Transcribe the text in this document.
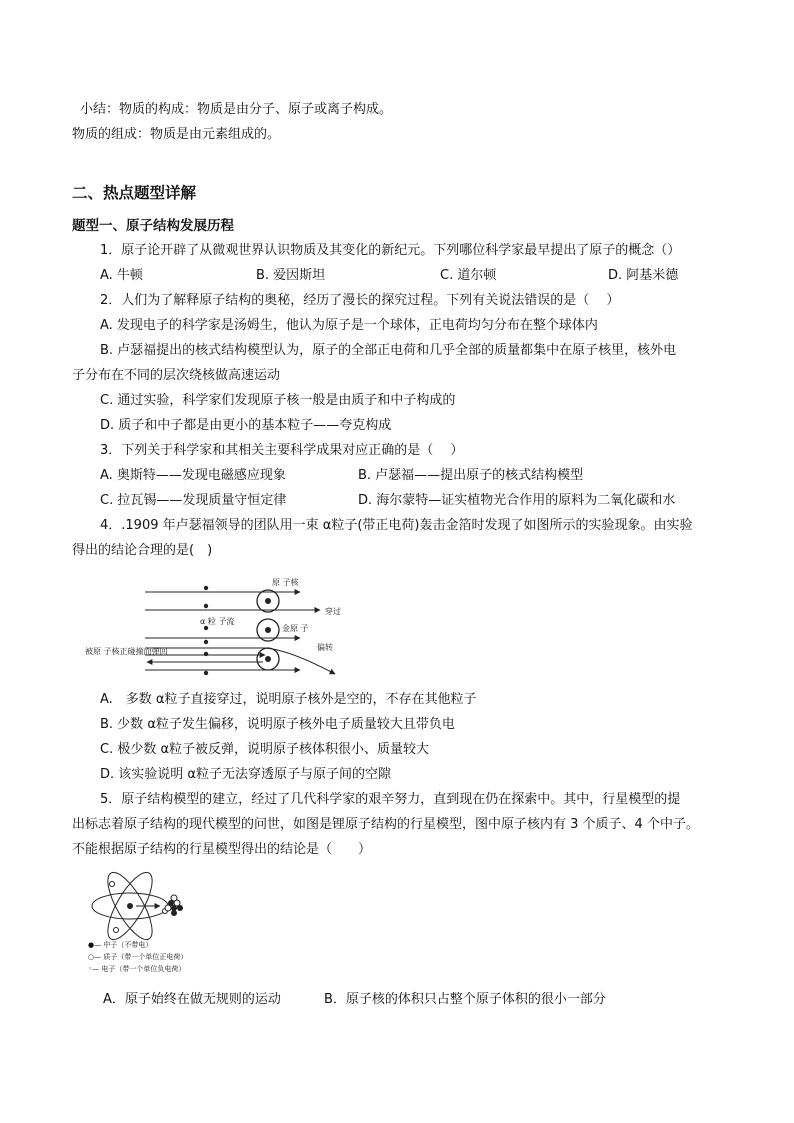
小结：物质的构成：物质是由分子、原子或离子构成。
物质的组成：物质是由元素组成的。
二、热点题型详解
题型一、原子结构发展历程
1．原子论开辟了从微观世界认识物质及其变化的新纪元。下列哪位科学家最早提出了原子的概念（）
A. 牛顿	B. 爱因斯坦	C. 道尔顿	D. 阿基米德
2．人们为了解释原子结构的奥秘，经历了漫长的探究过程。下列有关说法错误的是（　 ）
A. 发现电子的科学家是汤姆生，他认为原子是一个球体，正电荷均匀分布在整个球体内
B. 卢瑟福提出的核式结构模型认为，原子的全部正电荷和几乎全部的质量都集中在原子核里，核外电
子分布在不同的层次绕核做高速运动
C. 通过实验，科学家们发现原子核一般是由质子和中子构成的
D. 质子和中子都是由更小的基本粒子——夸克构成
3．下列关于科学家和其相关主要科学成果对应正确的是（　 ）
A. 奥斯特——发现电磁感应现象	B. 卢瑟福——提出原子的核式结构模型
C. 拉瓦锡——发现质量守恒定律	D. 海尔蒙特—证实植物光合作用的原料为二氧化碳和水
4．.1909 年卢瑟福领导的团队用一束 α粒子(带正电荷)轰击金箔时发现了如图所示的实验现象。由实验
得出的结论合理的是(　)
原 子核
穿过
α 粒 子流
金原 子
被原 子核正碰撞而弹回	偏转
A.　多数 α粒子直接穿过，说明原子核外是空的，不存在其他粒子
B. 少数 α粒子发生偏移，说明原子核外电子质量较大且带负电
C. 极少数 α粒子被反弹，说明原子核体积很小、质量较大
D. 该实验说明 α粒子无法穿透原子与原子间的空隙
5．原子结构模型的建立，经过了几代科学家的艰辛努力，直到现在仍在探索中。其中，行星模型的提
出标志着原子结构的现代模型的问世，如图是锂原子结构的行星模型，图中原子核内有 3 个质子、4 个中子。
不能根据原子结构的行星模型得出的结论是（　　）
●— 中子（不带电）
○— 质子（带一个单位正电荷）
◦— 电子（带一个单位负电荷）
A．原子始终在做无规则的运动	B．原子核的体积只占整个原子体积的很小一部分
